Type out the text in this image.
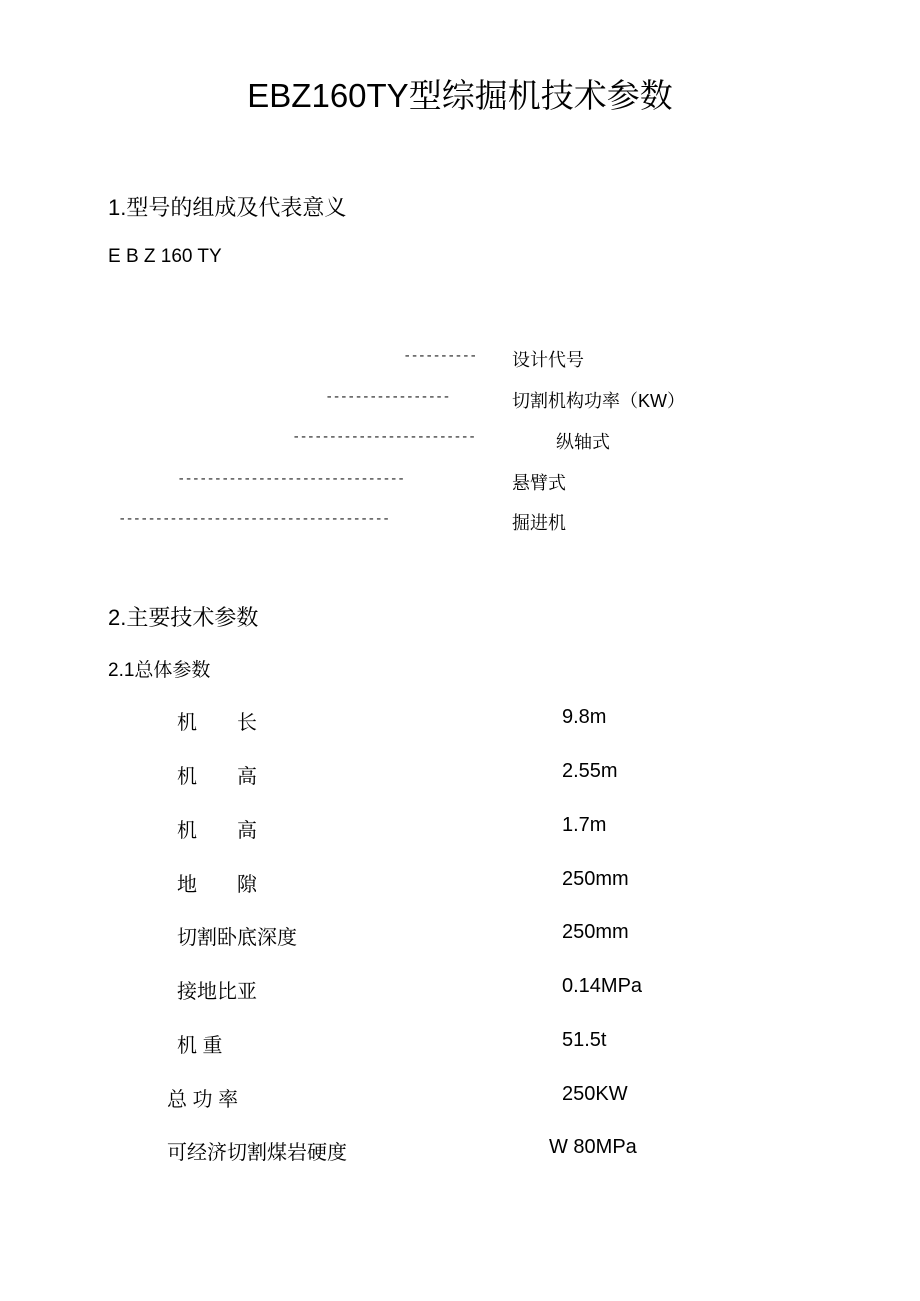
EBZ160TY型综掘机技术参数
1.型号的组成及代表意义
E B Z 160 TY
---------- 设计代号
-----------------	切割机构功率（KW）
-------------------------	纵轴式
-------------------------------	悬臂式
-------------------------------------	掘进机
2.主要技术参数
2.1总体参数
机　　长	9.8m
机　　高	2.55m
机　　高	1.7m
地　　隙	250mm
切割卧底深度	250mm
接地比亚	0.14MPa
机 重	51.5t
总 功 率	250KW
可经济切割煤岩硬度	W 80MPa
